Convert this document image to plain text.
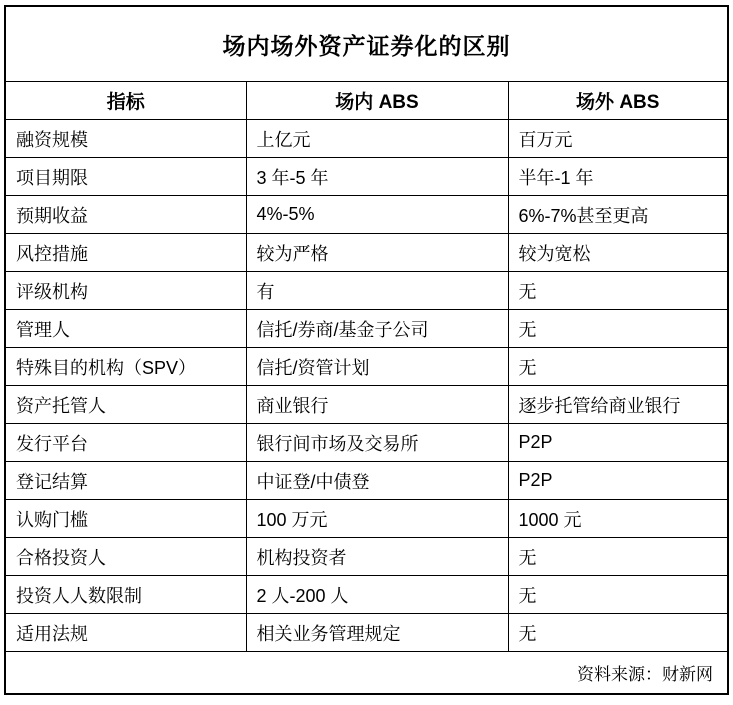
场内场外资产证券化的区别
指标	场内 ABS	场外 ABS
融资规模	上亿元	百万元
项目期限	3 年-5 年	半年-1 年
预期收益	4%-5%	6%-7%甚至更高
风控措施	较为严格	较为宽松
评级机构	有	无
管理人	信托/券商/基金子公司	无
特殊目的机构（SPV）	信托/资管计划	无
资产托管人	商业银行	逐步托管给商业银行
发行平台	银行间市场及交易所	P2P
登记结算	中证登/中债登	P2P
认购门槛	100 万元	1000 元
合格投资人	机构投资者	无
投资人人数限制	2 人-200 人	无
适用法规	相关业务管理规定	无
资料来源：财新网
